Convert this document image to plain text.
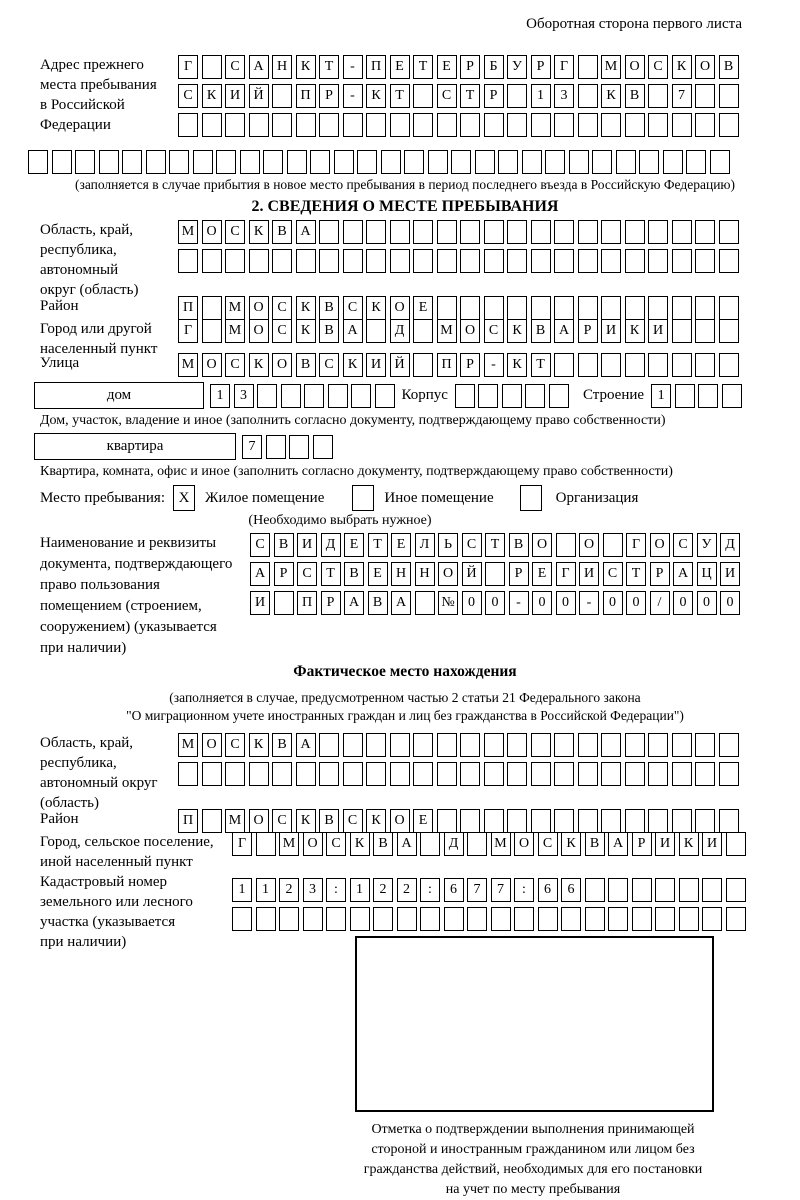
Оборотная сторона первого листа
Адрес прежнего
места пребывания
в Российской
Федерации
Г	С А Н К	Т	-	П	Е	Т	Е	Р	Б	У	Р	Г	М О С	К О В
С	К И Й	П	Р	-	К	Т	С	Т	Р	1	3	К	В	7
(заполняется в случае прибытия в новое место пребывания в период последнего въезда в Российскую Федерацию)
2. СВЕДЕНИЯ О МЕСТЕ ПРЕБЫВАНИЯ
Область, край,
республика,
автономный
округ (область)
М О С	К	В А
Район	П	М О С	К	В	С	К О	Е
Город или другой
населенный пункт
Г	М О С	К	В А	Д	М О С	К	В А	Р	И К И
Улица	М О С	К О В	С	К И Й	П	Р	-	К	Т
дом	1	3	Корпус	Строение 1
Дом, участок, владение и иное (заполнить согласно документу, подтверждающему право собственности)
квартира	7
Квартира, комната, офис и иное (заполнить согласно документу, подтверждающему право собственности)
Место пребывания: X	Жилое помещение	Иное помещение	Организация
(Необходимо выбрать нужное)
Наименование и реквизиты
документа, подтверждающего
право пользования
помещением (строением,
сооружением) (указывается
при наличии)
С	В И Д	Е	Т	Е	Л	Ь	С	Т	В О	О	Г	О С У Д
А	Р	С	Т	В	Е	Н Н О Й	Р	Е	Г	И С	Т	Р	А Ц И
И	П	Р	А В А	№ 0	0	-	0	0	-	0	0	/	0	0	0
Фактическое место нахождения
(заполняется в случае, предусмотренном частью 2 статьи 21 Федерального закона
"О миграционном учете иностранных граждан и лиц без гражданства в Российской Федерации")
Область, край,
республика,
автономный округ
(область)
М О С	К	В А
Район	П	М О С	К	В	С	К О	Е
Город, сельское поселение,
иной населенный пункт
Г	М О С	К	В А	Д	М О С	К	В А	Р	И К И
Кадастровый номер
земельного или лесного
участка (указывается
при наличии)
1	1	2	3	:	1	2	2	:	6	7	7	:	6	6
Отметка о подтверждении выполнения принимающей
стороной и иностранным гражданином или лицом без
гражданства действий, необходимых для его постановки
на учет по месту пребывания
